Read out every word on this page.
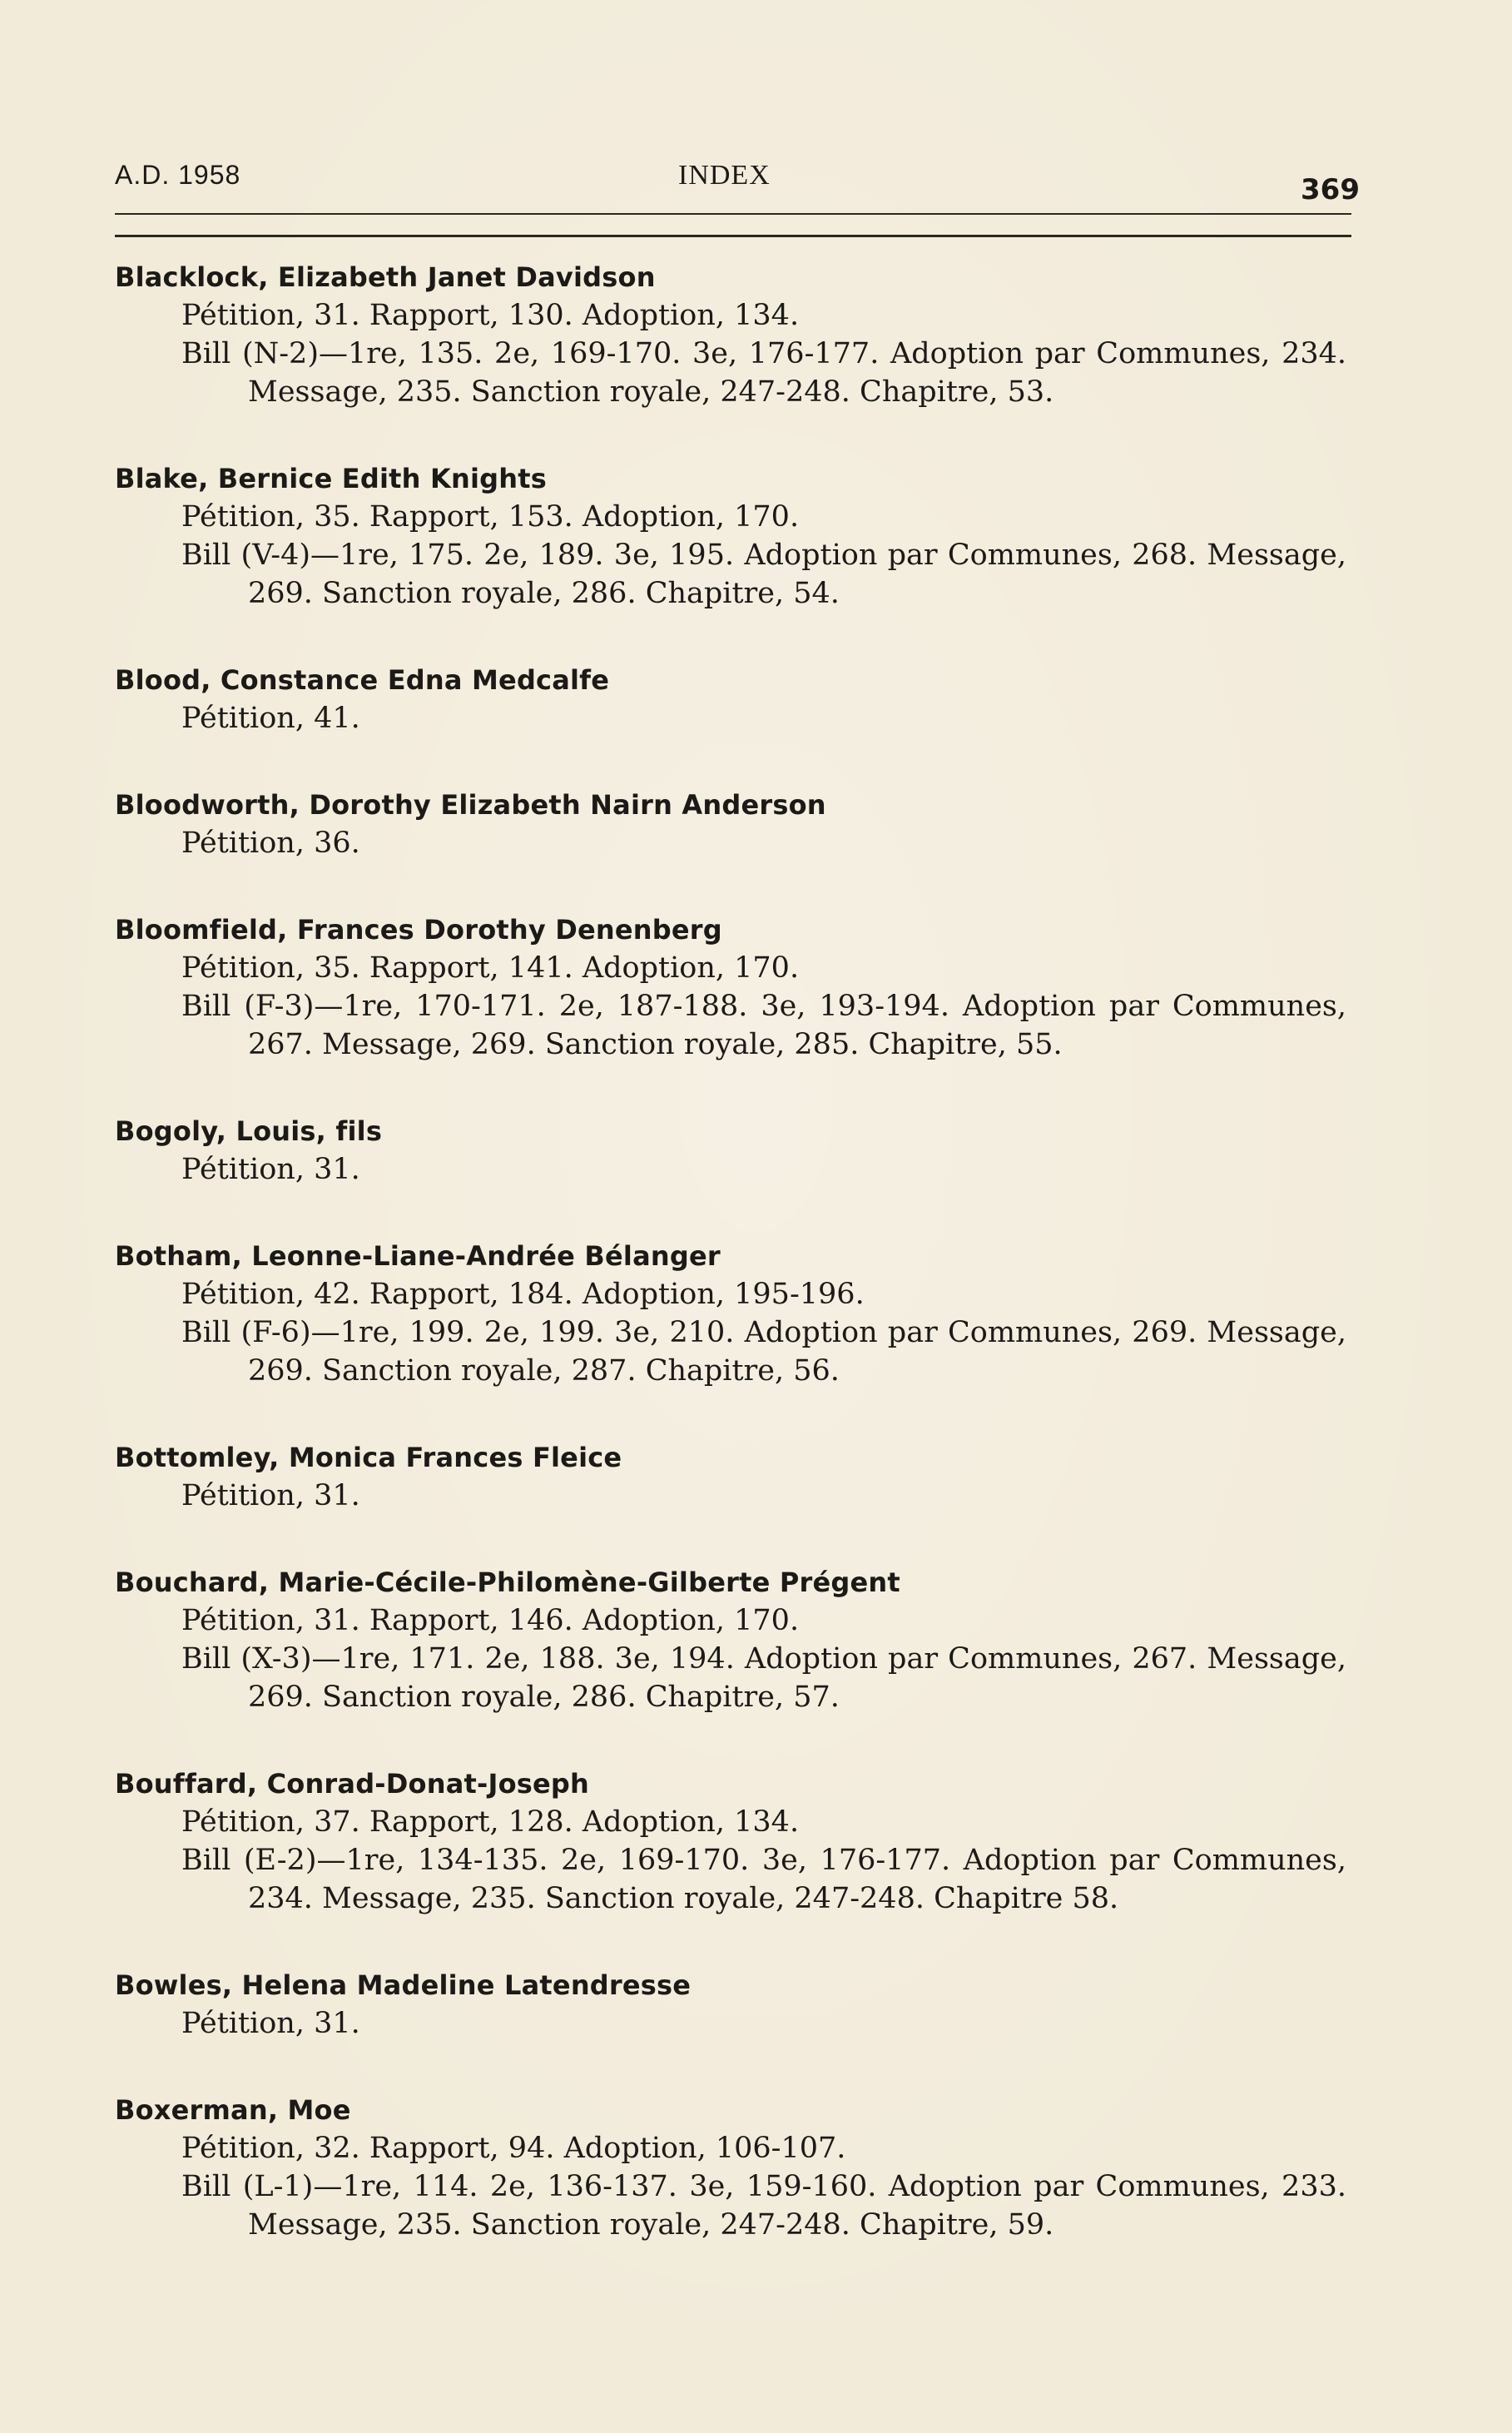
A.D. 1958	INDEX	369
Blacklock, Elizabeth Janet Davidson
Pétition, 31. Rapport, 130. Adoption, 134.
Bill (N-2)—1re, 135. 2e, 169-170. 3e, 176-177. Adoption par Communes, 234. Message, 235. Sanction royale, 247-248. Chapitre, 53.
Blake, Bernice Edith Knights
Pétition, 35. Rapport, 153. Adoption, 170.
Bill (V-4)—1re, 175. 2e, 189. 3e, 195. Adoption par Communes, 268. Message, 269. Sanction royale, 286. Chapitre, 54.
Blood, Constance Edna Medcalfe
Pétition, 41.
Bloodworth, Dorothy Elizabeth Nairn Anderson
Pétition, 36.
Bloomfield, Frances Dorothy Denenberg
Pétition, 35. Rapport, 141. Adoption, 170.
Bill (F-3)—1re, 170-171. 2e, 187-188. 3e, 193-194. Adoption par Communes, 267. Message, 269. Sanction royale, 285. Chapitre, 55.
Bogoly, Louis, fils
Pétition, 31.
Botham, Leonne-Liane-Andrée Bélanger
Pétition, 42. Rapport, 184. Adoption, 195-196.
Bill (F-6)—1re, 199. 2e, 199. 3e, 210. Adoption par Communes, 269. Message, 269. Sanction royale, 287. Chapitre, 56.
Bottomley, Monica Frances Fleice
Pétition, 31.
Bouchard, Marie-Cécile-Philomène-Gilberte Prégent
Pétition, 31. Rapport, 146. Adoption, 170.
Bill (X-3)—1re, 171. 2e, 188. 3e, 194. Adoption par Communes, 267. Message, 269. Sanction royale, 286. Chapitre, 57.
Bouffard, Conrad-Donat-Joseph
Pétition, 37. Rapport, 128. Adoption, 134.
Bill (E-2)—1re, 134-135. 2e, 169-170. 3e, 176-177. Adoption par Communes, 234. Message, 235. Sanction royale, 247-248. Chapitre 58.
Bowles, Helena Madeline Latendresse
Pétition, 31.
Boxerman, Moe
Pétition, 32. Rapport, 94. Adoption, 106-107.
Bill (L-1)—1re, 114. 2e, 136-137. 3e, 159-160. Adoption par Communes, 233. Message, 235. Sanction royale, 247-248. Chapitre, 59.
